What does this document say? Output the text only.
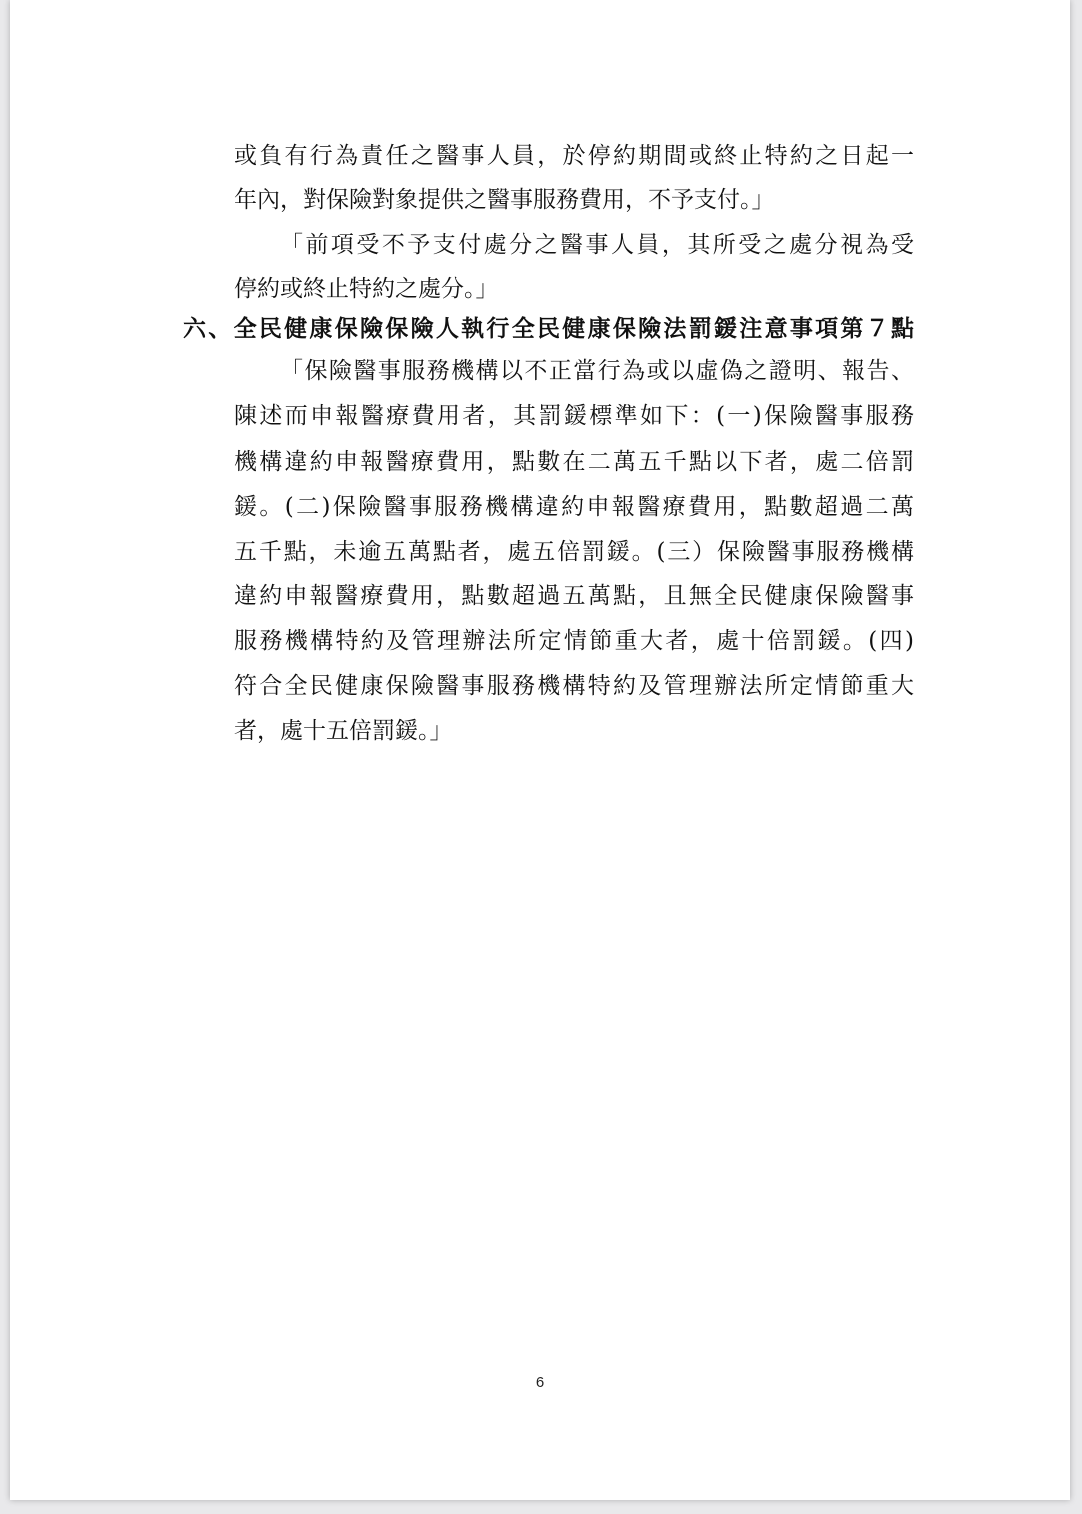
或負有行為責任之醫事人員，於停約期間或終止特約之日起一
年內，對保險對象提供之醫事服務費用，不予支付。」
「前項受不予支付處分之醫事人員，其所受之處分視為受
停約或終止特約之處分。」
六、全民健康保險保險人執行全民健康保險法罰鍰注意事項第７點
「保險醫事服務機構以不正當行為或以虛偽之證明、報告、
陳述而申報醫療費用者，其罰鍰標準如下：(一)保險醫事服務
機構違約申報醫療費用，點數在二萬五千點以下者，處二倍罰
鍰。(二)保險醫事服務機構違約申報醫療費用，點數超過二萬
五千點，未逾五萬點者，處五倍罰鍰。(三）保險醫事服務機構
違約申報醫療費用，點數超過五萬點，且無全民健康保險醫事
服務機構特約及管理辦法所定情節重大者，處十倍罰鍰。(四)
符合全民健康保險醫事服務機構特約及管理辦法所定情節重大
者，處十五倍罰鍰。」
6
